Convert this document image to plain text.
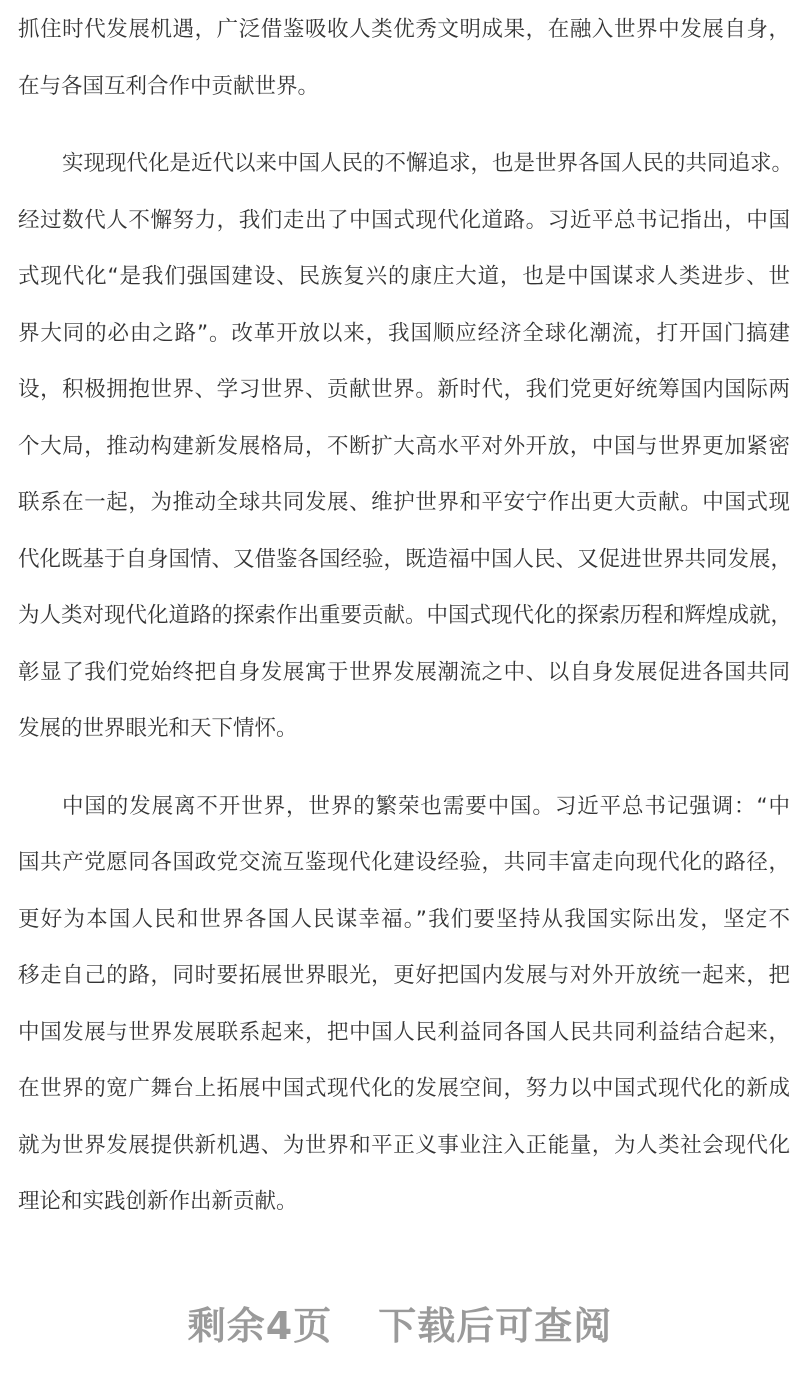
抓住时代发展机遇，广泛借鉴吸收人类优秀文明成果，在融入世界中发展自身，
在与各国互利合作中贡献世界。
实现现代化是近代以来中国人民的不懈追求，也是世界各国人民的共同追求。
经过数代人不懈努力，我们走出了中国式现代化道路。习近平总书记指出，中国
式现代化“是我们强国建设、民族复兴的康庄大道，也是中国谋求人类进步、世
界大同的必由之路”。改革开放以来，我国顺应经济全球化潮流，打开国门搞建
设，积极拥抱世界、学习世界、贡献世界。新时代，我们党更好统筹国内国际两
个大局，推动构建新发展格局，不断扩大高水平对外开放，中国与世界更加紧密
联系在一起，为推动全球共同发展、维护世界和平安宁作出更大贡献。中国式现
代化既基于自身国情、又借鉴各国经验，既造福中国人民、又促进世界共同发展，
为人类对现代化道路的探索作出重要贡献。中国式现代化的探索历程和辉煌成就，
彰显了我们党始终把自身发展寓于世界发展潮流之中、以自身发展促进各国共同
发展的世界眼光和天下情怀。
中国的发展离不开世界，世界的繁荣也需要中国。习近平总书记强调：“中
国共产党愿同各国政党交流互鉴现代化建设经验，共同丰富走向现代化的路径，
更好为本国人民和世界各国人民谋幸福。”我们要坚持从我国实际出发，坚定不
移走自己的路，同时要拓展世界眼光，更好把国内发展与对外开放统一起来，把
中国发展与世界发展联系起来，把中国人民利益同各国人民共同利益结合起来，
在世界的宽广舞台上拓展中国式现代化的发展空间，努力以中国式现代化的新成
就为世界发展提供新机遇、为世界和平正义事业注入正能量，为人类社会现代化
理论和实践创新作出新贡献。
剩余4页 下载后可查阅
